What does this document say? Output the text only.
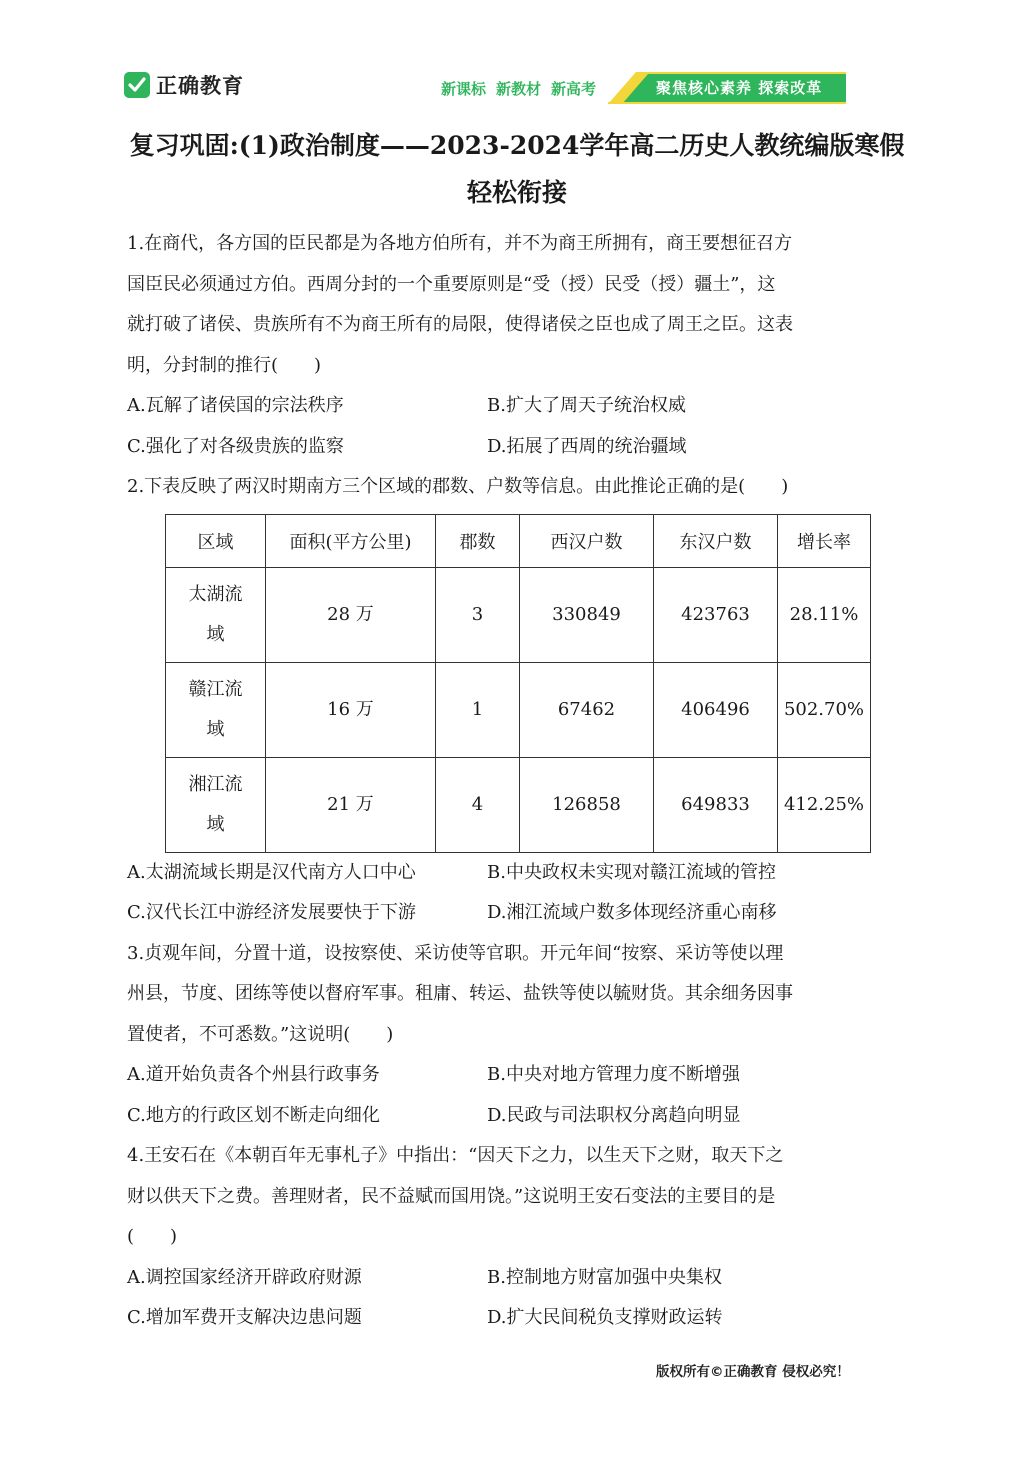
正确教育	新课标 新教材 新高考	聚焦核心素养 探索改革
复习巩固:(1)政治制度——2023-2024学年高二历史人教统编版寒假
轻松衔接
1.在商代，各方国的臣民都是为各地方伯所有，并不为商王所拥有，商王要想征召方
国臣民必须通过方伯。西周分封的一个重要原则是“受（授）民受（授）疆土”，这
就打破了诸侯、贵族所有不为商王所有的局限，使得诸侯之臣也成了周王之臣。这表
明，分封制的推行(　　)
A.瓦解了诸侯国的宗法秩序	B.扩大了周天子统治权威
C.强化了对各级贵族的监察	D.拓展了西周的统治疆域
2.下表反映了两汉时期南方三个区域的郡数、户数等信息。由此推论正确的是(　　)
区域	面积(平方公里)	郡数	西汉户数	东汉户数	增长率
太湖流
域	28 万	3	330849	423763	28.11%
赣江流
域	16 万	1	67462	406496	502.70%
湘江流
域	21 万	4	126858	649833	412.25%
A.太湖流域长期是汉代南方人口中心	B.中央政权未实现对赣江流域的管控
C.汉代长江中游经济发展要快于下游	D.湘江流域户数多体现经济重心南移
3.贞观年间，分置十道，设按察使、采访使等官职。开元年间“按察、采访等使以理
州县，节度、团练等使以督府军事。租庸、转运、盐铁等使以毓财货。其余细务因事
置使者，不可悉数。”这说明(　　)
A.道开始负责各个州县行政事务	B.中央对地方管理力度不断增强
C.地方的行政区划不断走向细化	D.民政与司法职权分离趋向明显
4.王安石在《本朝百年无事札子》中指出：“因天下之力，以生天下之财，取天下之
财以供天下之费。善理财者，民不益赋而国用饶。”这说明王安石变法的主要目的是
(　　)
A.调控国家经济开辟政府财源	B.控制地方财富加强中央集权
C.增加军费开支解决边患问题	D.扩大民间税负支撑财政运转
版权所有©正确教育 侵权必究！
